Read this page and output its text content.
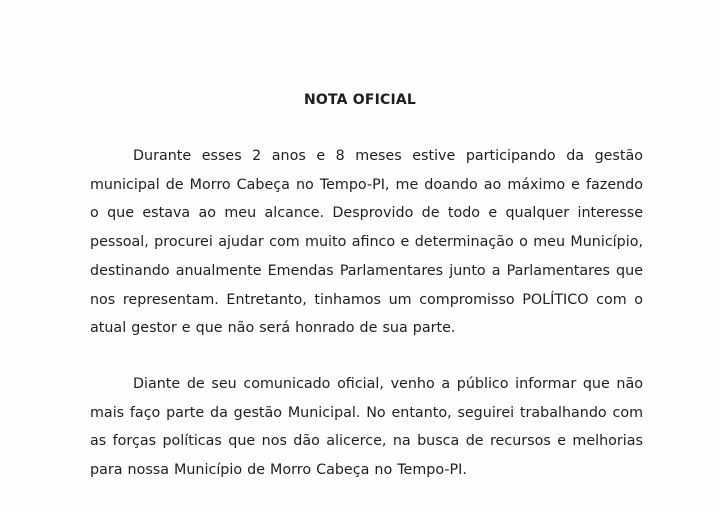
NOTA OFICIAL

Durante esses 2 anos e 8 meses estive participando da gestão municipal de Morro Cabeça no Tempo-PI, me doando ao máximo e fazendo o que estava ao meu alcance. Desprovido de todo e qualquer interesse pessoal, procurei ajudar com muito afinco e determinação o meu Município, destinando anualmente Emendas Parlamentares junto a Parlamentares que nos representam. Entretanto, tinhamos um compromisso POLÍTICO com o atual gestor e que não será honrado de sua parte.

Diante de seu comunicado oficial, venho a público informar que não mais faço parte da gestão Municipal. No entanto, seguirei trabalhando com as forças políticas que nos dão alicerce, na busca de recursos e melhorias para nossa Município de Morro Cabeça no Tempo-PI.
